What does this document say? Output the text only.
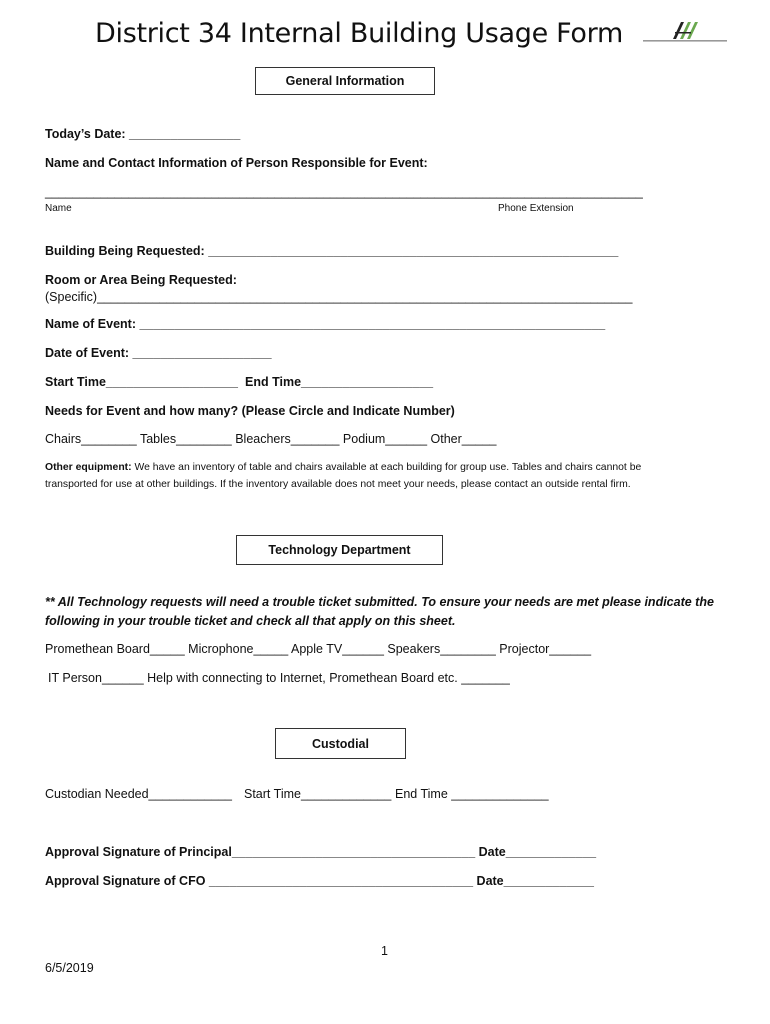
District 34 Internal Building Usage Form
General Information
Today’s Date: ________________
Name and Contact Information of Person Responsible for Event:
______________________________________________________________________________________
Name	Phone Extension
Building Being Requested: ___________________________________________________________
Room or Area Being Requested:
(Specific)_____________________________________________________________________________
Name of Event: ___________________________________________________________________
Date of Event: ____________________
Start Time___________________ End Time___________________
Needs for Event and how many? (Please Circle and Indicate Number)
Chairs________ Tables________ Bleachers_______ Podium______ Other_____
Other equipment: We have an inventory of table and chairs available at each building for group use. Tables and chairs cannot be transported for use at other buildings. If the inventory available does not meet your needs, please contact an outside rental firm.
Technology Department
** All Technology requests will need a trouble ticket submitted. To ensure your needs are met please indicate the following in your trouble ticket and check all that apply on this sheet.
Promethean Board_____ Microphone_____ Apple TV______ Speakers________ Projector______
IT Person______ Help with connecting to Internet, Promethean Board etc. _______
Custodial
Custodian Needed____________ Start Time_____________ End Time ______________
Approval Signature of Principal___________________________________ Date_____________
Approval Signature of CFO ______________________________________ Date_____________
1
6/5/2019
